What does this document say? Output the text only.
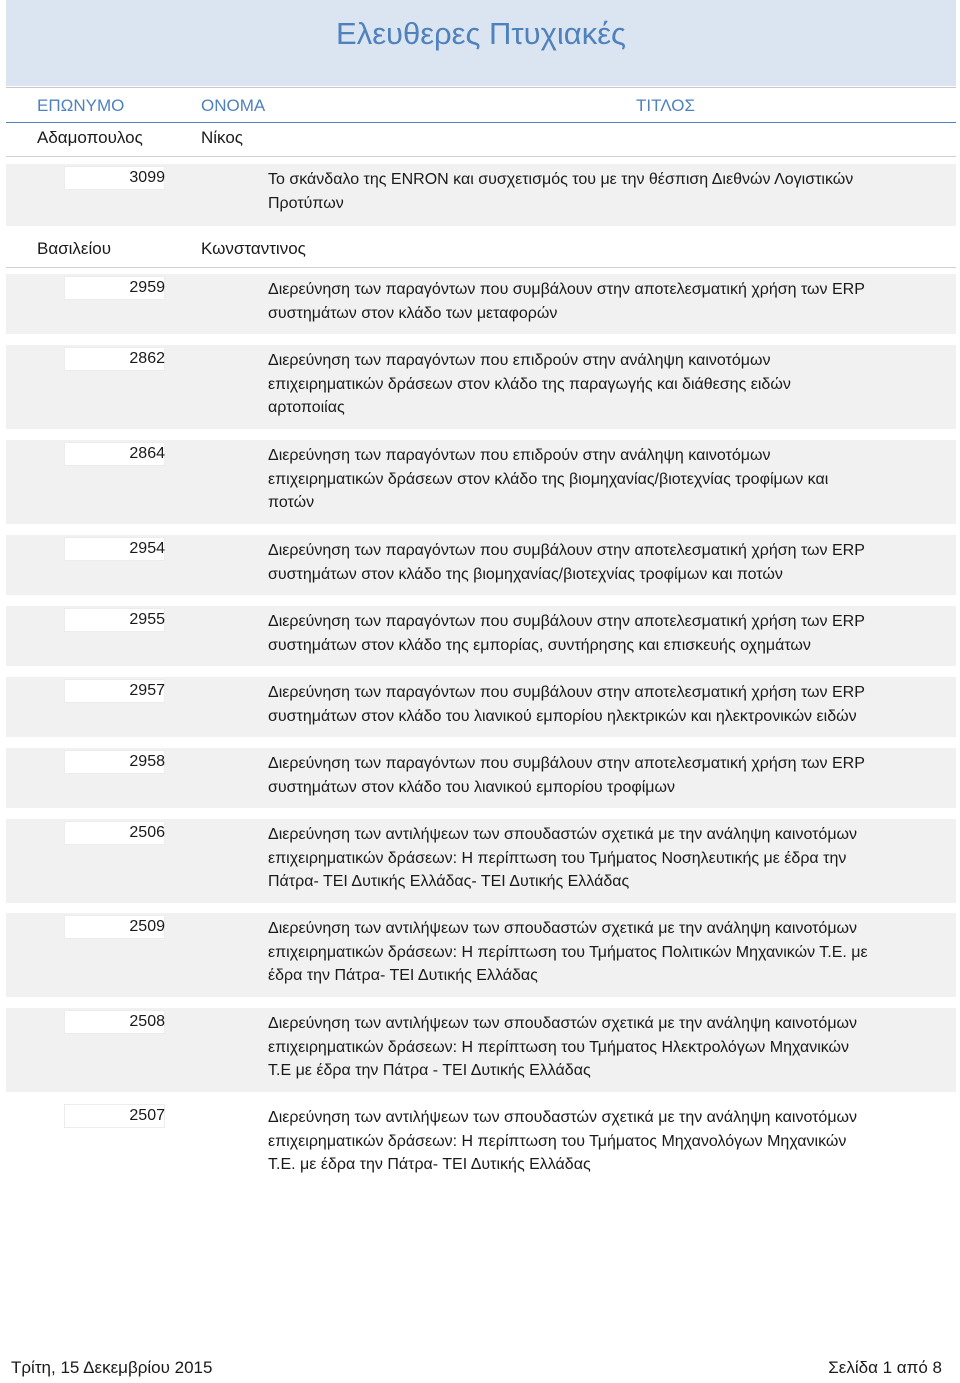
Ελευθερες Πτυχιακές
ΕΠΩΝΥΜΟ	ΟΝΟΜΑ	ΤΙΤΛΟΣ
Αδαμοπουλος	Νίκος
3099	Το σκάνδαλο της ENRON και συσχετισμός του με την θέσπιση Διεθνών Λογιστικών
Προτύπων
Βασιλείου	Κωνσταντινος
2959	Διερεύνηση των παραγόντων που συμβάλουν στην αποτελεσματική χρήση των ERP
συστημάτων στον κλάδο των μεταφορών
2862	Διερεύνηση των παραγόντων που επιδρούν στην ανάληψη καινοτόμων
επιχειρηματικών δράσεων στον κλάδο της παραγωγής και διάθεσης ειδών
αρτοποιίας
2864	Διερεύνηση των παραγόντων που επιδρούν στην ανάληψη καινοτόμων
επιχειρηματικών δράσεων στον κλάδο της βιομηχανίας/βιοτεχνίας τροφίμων και
ποτών
2954	Διερεύνηση των παραγόντων που συμβάλουν στην αποτελεσματική χρήση των ERP
συστημάτων στον κλάδο της βιομηχανίας/βιοτεχνίας τροφίμων και ποτών
2955	Διερεύνηση των παραγόντων που συμβάλουν στην αποτελεσματική χρήση των ERP
συστημάτων στον κλάδο της εμπορίας, συντήρησης και επισκευής οχημάτων
2957	Διερεύνηση των παραγόντων που συμβάλουν στην αποτελεσματική χρήση των ERP
συστημάτων στον κλάδο του λιανικού εμπορίου ηλεκτρικών και ηλεκτρονικών ειδών
2958	Διερεύνηση των παραγόντων που συμβάλουν στην αποτελεσματική χρήση των ERP
συστημάτων στον κλάδο του λιανικού εμπορίου τροφίμων
2506	Διερεύνηση των αντιλήψεων των σπουδαστών σχετικά με την ανάληψη καινοτόμων
επιχειρηματικών δράσεων: Η περίπτωση του Τμήματος Νοσηλευτικής με έδρα την
Πάτρα- ΤΕΙ Δυτικής Ελλάδας- ΤΕΙ Δυτικής Ελλάδας
2509	Διερεύνηση των αντιλήψεων των σπουδαστών σχετικά με την ανάληψη καινοτόμων
επιχειρηματικών δράσεων: Η περίπτωση του Τμήματος Πολιτικών Μηχανικών Τ.Ε. με
έδρα την Πάτρα- ΤΕΙ Δυτικής Ελλάδας
2508	Διερεύνηση των αντιλήψεων των σπουδαστών σχετικά με την ανάληψη καινοτόμων
επιχειρηματικών δράσεων: Η περίπτωση του Τμήματος Ηλεκτρολόγων Μηχανικών
Τ.Ε με έδρα την Πάτρα - ΤΕΙ Δυτικής Ελλάδας
2507	Διερεύνηση των αντιλήψεων των σπουδαστών σχετικά με την ανάληψη καινοτόμων
επιχειρηματικών δράσεων: Η περίπτωση του Τμήματος Μηχανολόγων Μηχανικών
Τ.Ε. με έδρα την Πάτρα- ΤΕΙ Δυτικής Ελλάδας
Τρίτη, 15 Δεκεμβρίου 2015	Σελίδα 1 από 8
